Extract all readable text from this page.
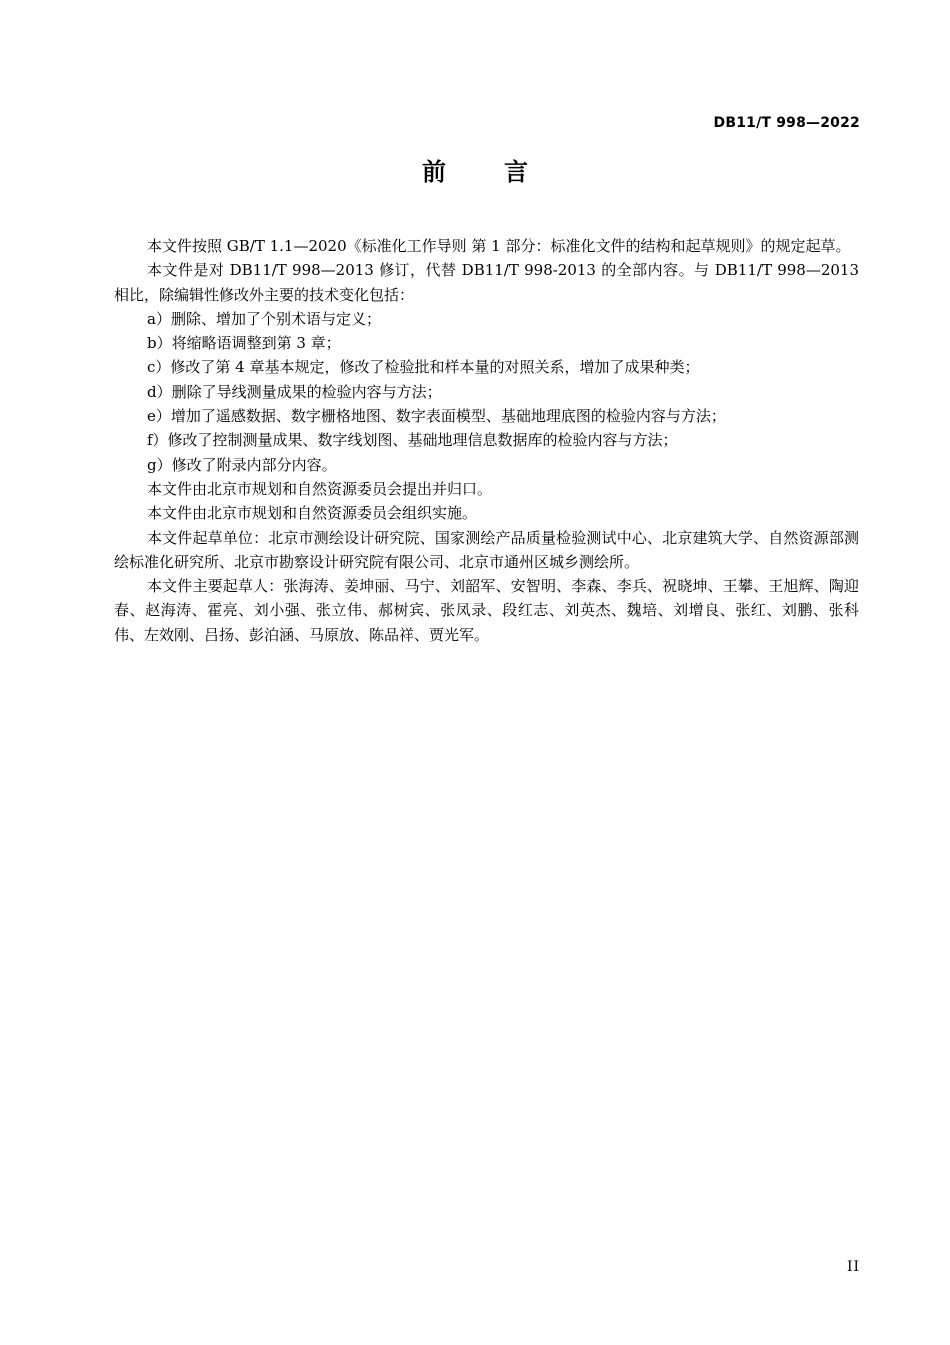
DB11/T 998—2022
前言

本文件按照 GB/T 1.1—2020《标准化工作导则 第 1 部分：标准化文件的结构和起草规则》的规定起草。

本文件是对 DB11/T 998—2013 修订，代替 DB11/T 998-2013 的全部内容。与 DB11/T 998—2013 相比，除编辑性修改外主要的技术变化包括：

a）删除、增加了个别术语与定义；

b）将缩略语调整到第 3 章；

c）修改了第 4 章基本规定，修改了检验批和样本量的对照关系，增加了成果种类；

d）删除了导线测量成果的检验内容与方法；

e）增加了遥感数据、数字栅格地图、数字表面模型、基础地理底图的检验内容与方法；

f）修改了控制测量成果、数字线划图、基础地理信息数据库的检验内容与方法；

g）修改了附录内部分内容。

本文件由北京市规划和自然资源委员会提出并归口。

本文件由北京市规划和自然资源委员会组织实施。

本文件起草单位：北京市测绘设计研究院、国家测绘产品质量检验测试中心、北京建筑大学、自然资源部测绘标准化研究所、北京市勘察设计研究院有限公司、北京市通州区城乡测绘所。

本文件主要起草人：张海涛、姜坤丽、马宁、刘韶军、安智明、李森、李兵、祝晓坤、王攀、王旭辉、陶迎春、赵海涛、霍亮、刘小强、张立伟、郝树宾、张凤录、段红志、刘英杰、魏培、刘增良、张红、刘鹏、张科伟、左效刚、吕扬、彭泊涵、马原放、陈品祥、贾光军。

II
